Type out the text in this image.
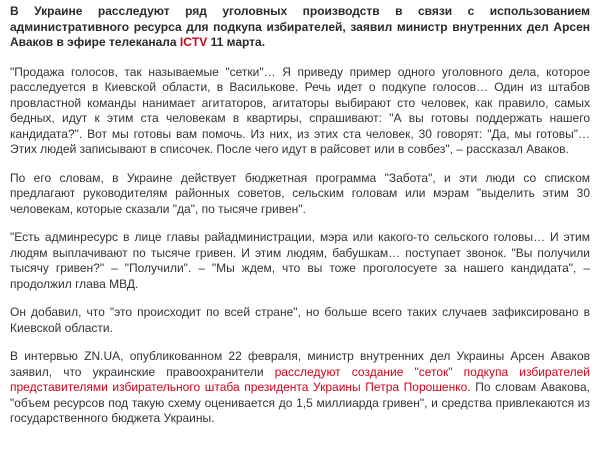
В Украине расследуют ряд уголовных производств в связи с использованием административного ресурса для подкупа избирателей, заявил министр внутренних дел Арсен Аваков в эфире телеканала ICTV 11 марта.

"Продажа голосов, так называемые "сетки"… Я приведу пример одного уголовного дела, которое расследуется в Киевской области, в Василькове. Речь идет о подкупе голосов… Один из штабов провластной команды нанимает агитаторов, агитаторы выбирают сто человек, как правило, самых бедных, идут к этим ста человекам в квартиры, спрашивают: "А вы готовы поддержать нашего кандидата?". Вот мы готовы вам помочь. Из них, из этих ста человек, 30 говорят: "Да, мы готовы"… Этих людей записывают в списочек. После чего идут в райсовет или в совбез", – рассказал Аваков.

По его словам, в Украине действует бюджетная программа "Забота", и эти люди со списком предлагают руководителям районных советов, сельским головам или мэрам "выделить этим 30 человекам, которые сказали "да", по тысяче гривен".

"Есть админресурс в лице главы райадминистрации, мэра или какого-то сельского головы… И этим людям выплачивают по тысяче гривен. И этим людям, бабушкам… поступает звонок. "Вы получили тысячу гривен?" – "Получили". – "Мы ждем, что вы тоже проголосуете за нашего кандидата", – продолжил глава МВД.

Он добавил, что "это происходит по всей стране", но больше всего таких случаев зафиксировано в Киевской области.

В интервью ZN.UA, опубликованном 22 февраля, министр внутренних дел Украины Арсен Аваков заявил, что украинские правоохранители расследуют создание "сеток" подкупа избирателей представителями избирательного штаба президента Украины Петра Порошенко. По словам Авакова, "объем ресурсов под такую схему оценивается до 1,5 миллиарда гривен", и средства привлекаются из государственного бюджета Украины.
